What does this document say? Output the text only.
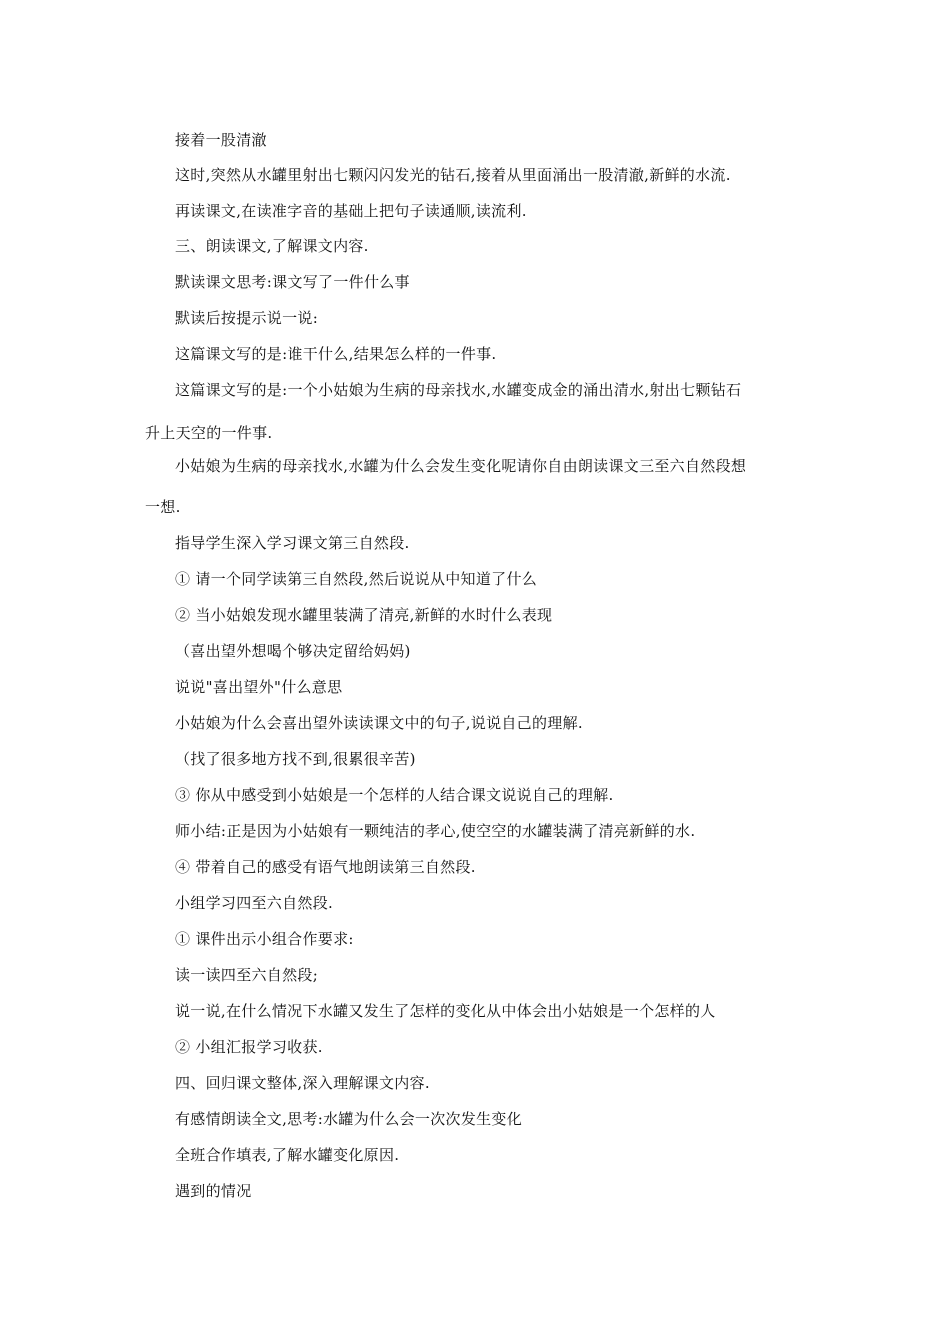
接着一股清澈
这时,突然从水罐里射出七颗闪闪发光的钻石,接着从里面涌出一股清澈,新鲜的水流.
再读课文,在读准字音的基础上把句子读通顺,读流利.
三、朗读课文,了解课文内容.
默读课文思考:课文写了一件什么事
默读后按提示说一说:
这篇课文写的是:谁干什么,结果怎么样的一件事.
这篇课文写的是:一个小姑娘为生病的母亲找水,水罐变成金的涌出清水,射出七颗钻石
升上天空的一件事.
小姑娘为生病的母亲找水,水罐为什么会发生变化呢请你自由朗读课文三至六自然段想
一想.
指导学生深入学习课文第三自然段.
① 请一个同学读第三自然段,然后说说从中知道了什么
② 当小姑娘发现水罐里装满了清亮,新鲜的水时什么表现
（喜出望外想喝个够决定留给妈妈)
说说"喜出望外"什么意思
小姑娘为什么会喜出望外读读课文中的句子,说说自己的理解.
（找了很多地方找不到,很累很辛苦)
③ 你从中感受到小姑娘是一个怎样的人结合课文说说自己的理解.
师小结:正是因为小姑娘有一颗纯洁的孝心,使空空的水罐装满了清亮新鲜的水.
④ 带着自己的感受有语气地朗读第三自然段.
小组学习四至六自然段.
① 课件出示小组合作要求:
读一读四至六自然段;
说一说,在什么情况下水罐又发生了怎样的变化从中体会出小姑娘是一个怎样的人
② 小组汇报学习收获.
四、回归课文整体,深入理解课文内容.
有感情朗读全文,思考:水罐为什么会一次次发生变化
全班合作填表,了解水罐变化原因.
遇到的情况
